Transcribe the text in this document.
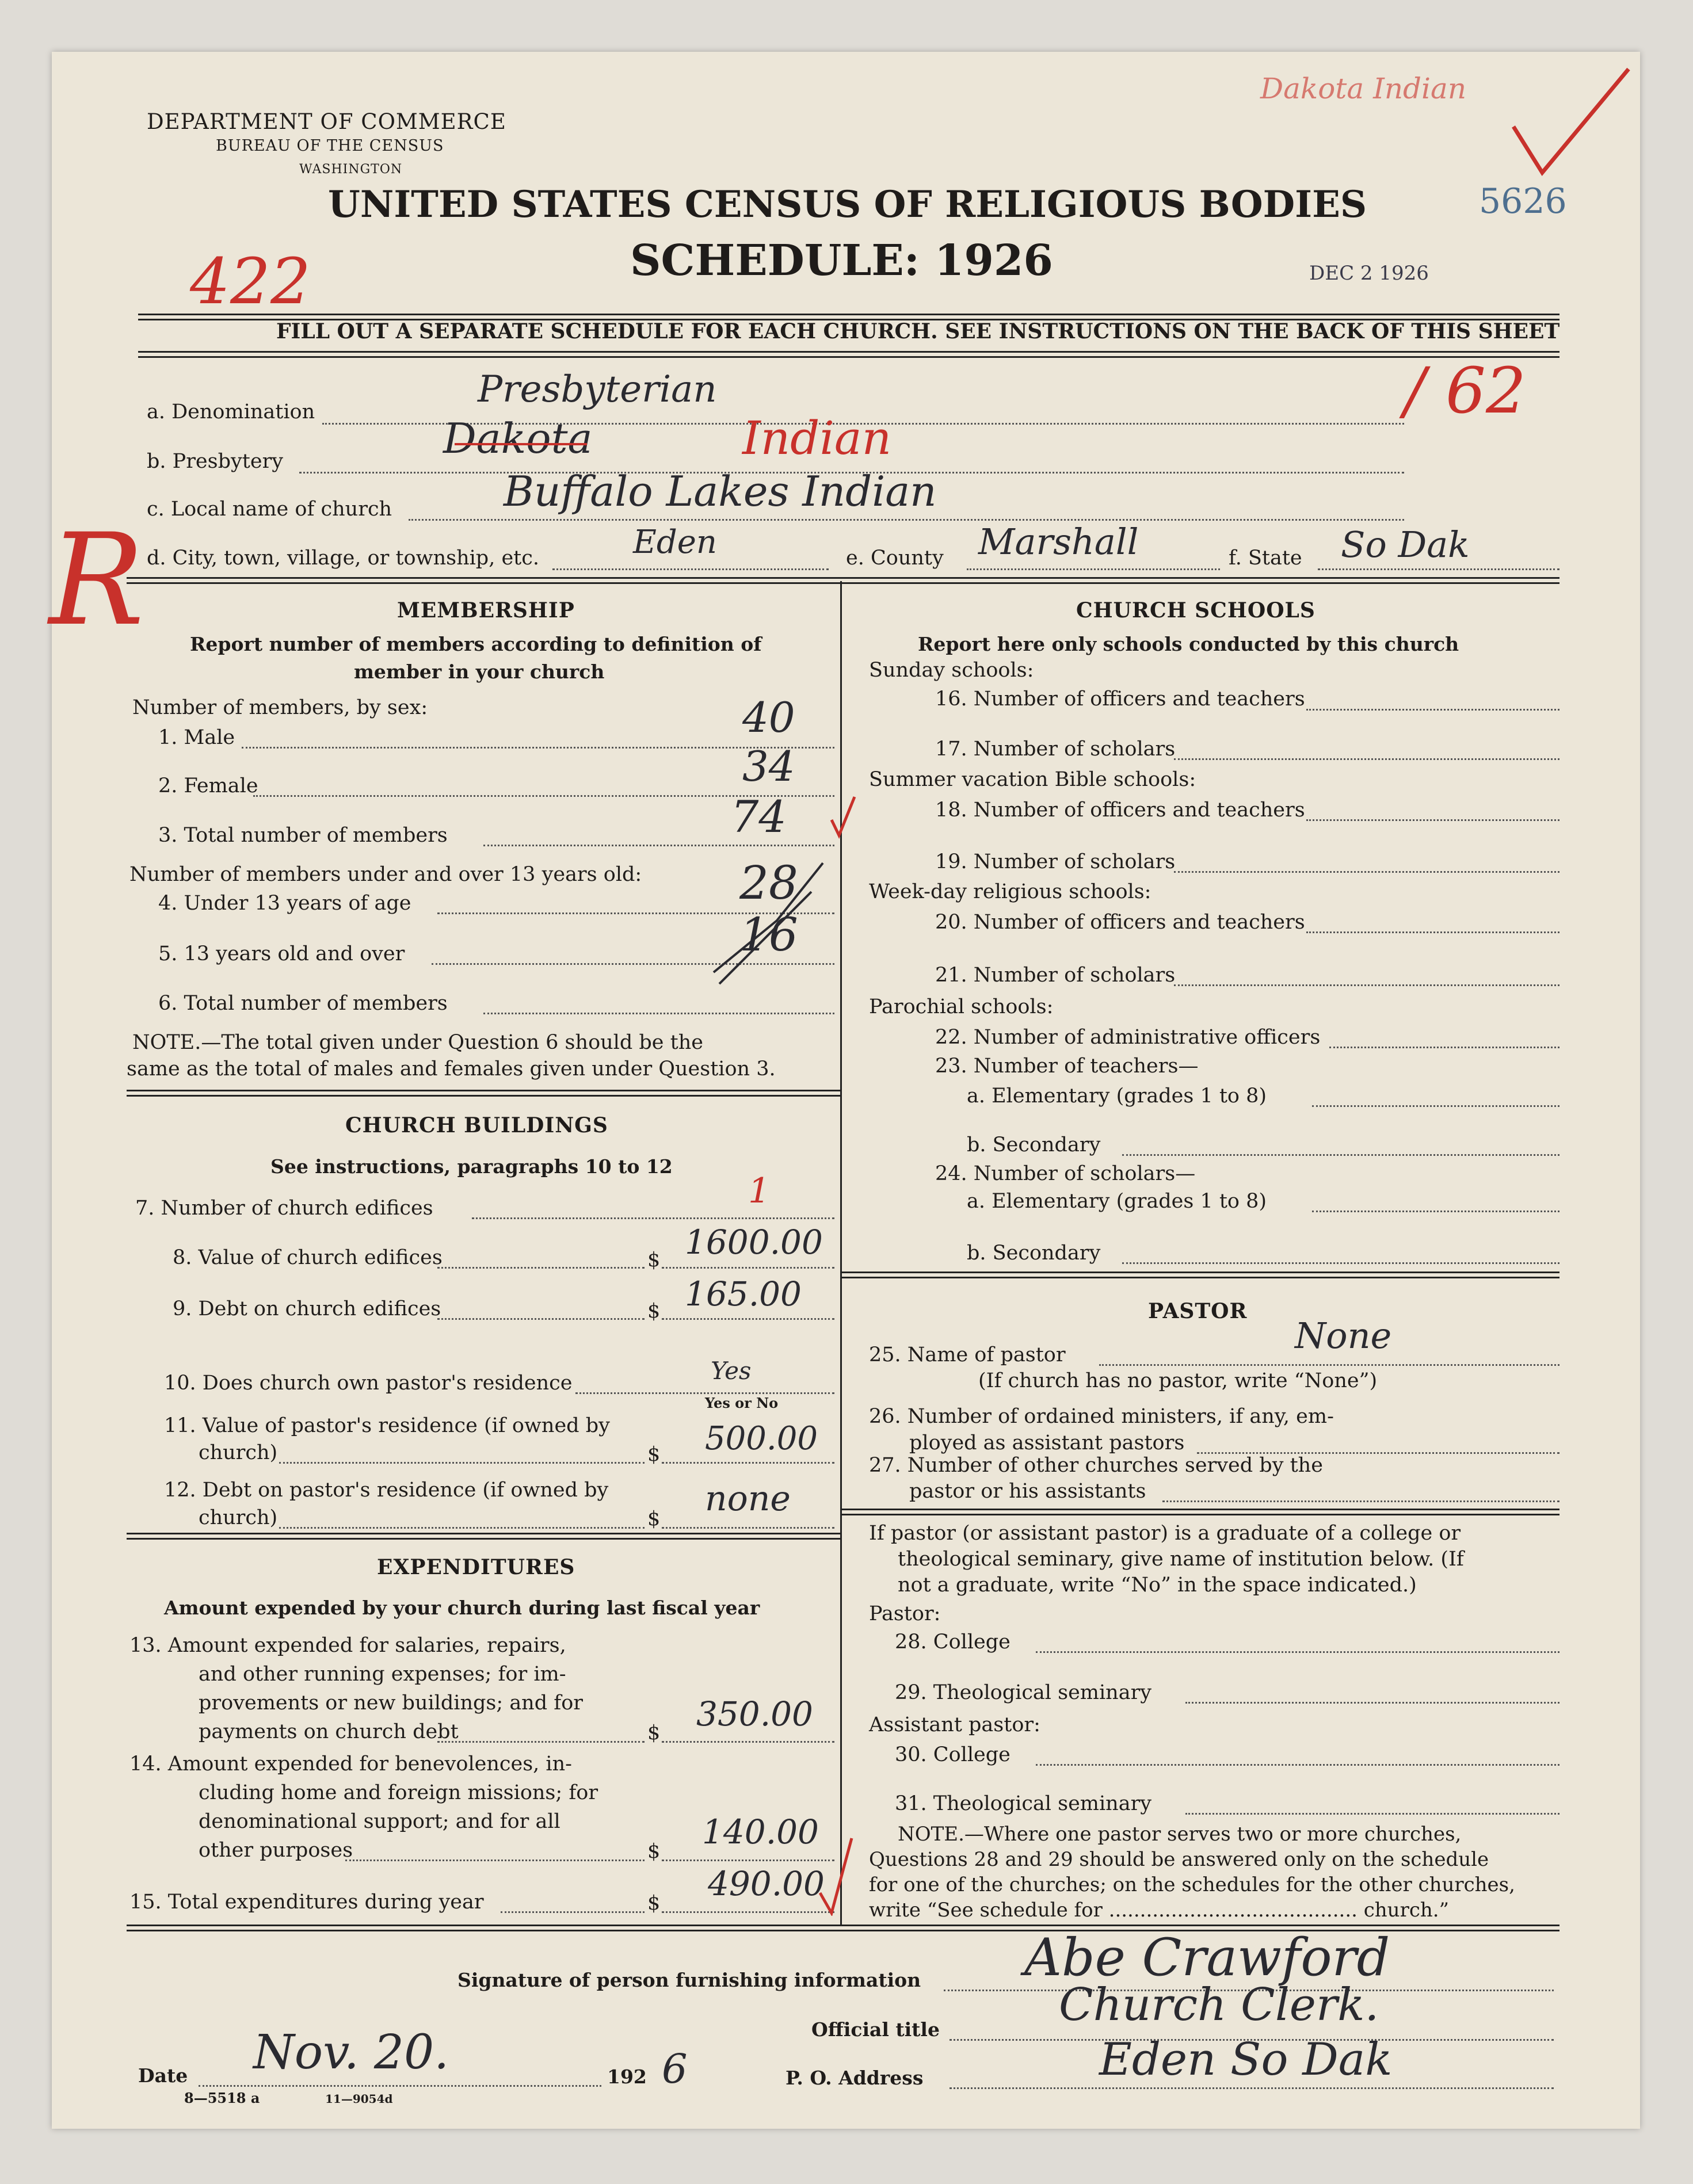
DEPARTMENT OF COMMERCE
BUREAU OF THE CENSUS
WASHINGTON
UNITED STATES CENSUS OF RELIGIOUS BODIES
SCHEDULE: 1926
5626
DEC 2 1926
Dakota Indian
422
/ 62
R
FILL OUT A SEPARATE SCHEDULE FOR EACH CHURCH. SEE INSTRUCTIONS ON THE BACK OF THIS SHEET
a. Denomination
Presbyterian
b. Presbytery	Dakota	Indian
c. Local name of church	Buffalo Lakes Indian
d. City, town, village, or township, etc.	Eden	e. County Marshall	f. State So Dak
MEMBERSHIP
Report number of members according to definition of
member in your church
Number of members, by sex:
1. Male	40
2. Female	34
3. Total number of members	74
Number of members under and over 13 years old:
4. Under 13 years of age	28
5. 13 years old and over	16
6. Total number of members
NOTE.—The total given under Question 6 should be the
same as the total of males and females given under Question 3.
CHURCH BUILDINGS
See instructions, paragraphs 10 to 12
7. Number of church edifices	1
8. Value of church edifices	$ 1600.00
9. Debt on church edifices	$ 165.00
10. Does church own pastor's residence	Yes
Yes or No
11. Value of pastor's residence (if owned by
church)	$ 500.00
12. Debt on pastor's residence (if owned by
church)	$ none
EXPENDITURES
Amount expended by your church during last fiscal year
13. Amount expended for salaries, repairs,
and other running expenses; for im-
provements or new buildings; and for
payments on church debt	$ 350.00
14. Amount expended for benevolences, in-
cluding home and foreign missions; for
denominational support; and for all
other purposes	$ 140.00
15. Total expenditures during year	$ 490.00
CHURCH SCHOOLS
Report here only schools conducted by this church
Sunday schools:
16. Number of officers and teachers
17. Number of scholars
Summer vacation Bible schools:
18. Number of officers and teachers
19. Number of scholars
Week-day religious schools:
20. Number of officers and teachers
21. Number of scholars
Parochial schools:
22. Number of administrative officers
23. Number of teachers—
a. Elementary (grades 1 to 8)
b. Secondary
24. Number of scholars—
a. Elementary (grades 1 to 8)
b. Secondary
PASTOR
25. Name of pastor	None
(If church has no pastor, write “None”)
26. Number of ordained ministers, if any, em-
ployed as assistant pastors
27. Number of other churches served by the
pastor or his assistants
If pastor (or assistant pastor) is a graduate of a college or
theological seminary, give name of institution below. (If
not a graduate, write “No” in the space indicated.)
Pastor:
28. College
29. Theological seminary
Assistant pastor:
30. College
31. Theological seminary
NOTE.—Where one pastor serves two or more churches,
Questions 28 and 29 should be answered only on the schedule
for one of the churches; on the schedules for the other churches,
write “See schedule for ........................................ church.”
Signature of person furnishing information Abe Crawford
Official title	Church Clerk.
Date Nov. 20.	192 6	P. O. Address	Eden So Dak
8—5518 a	11—9054d
